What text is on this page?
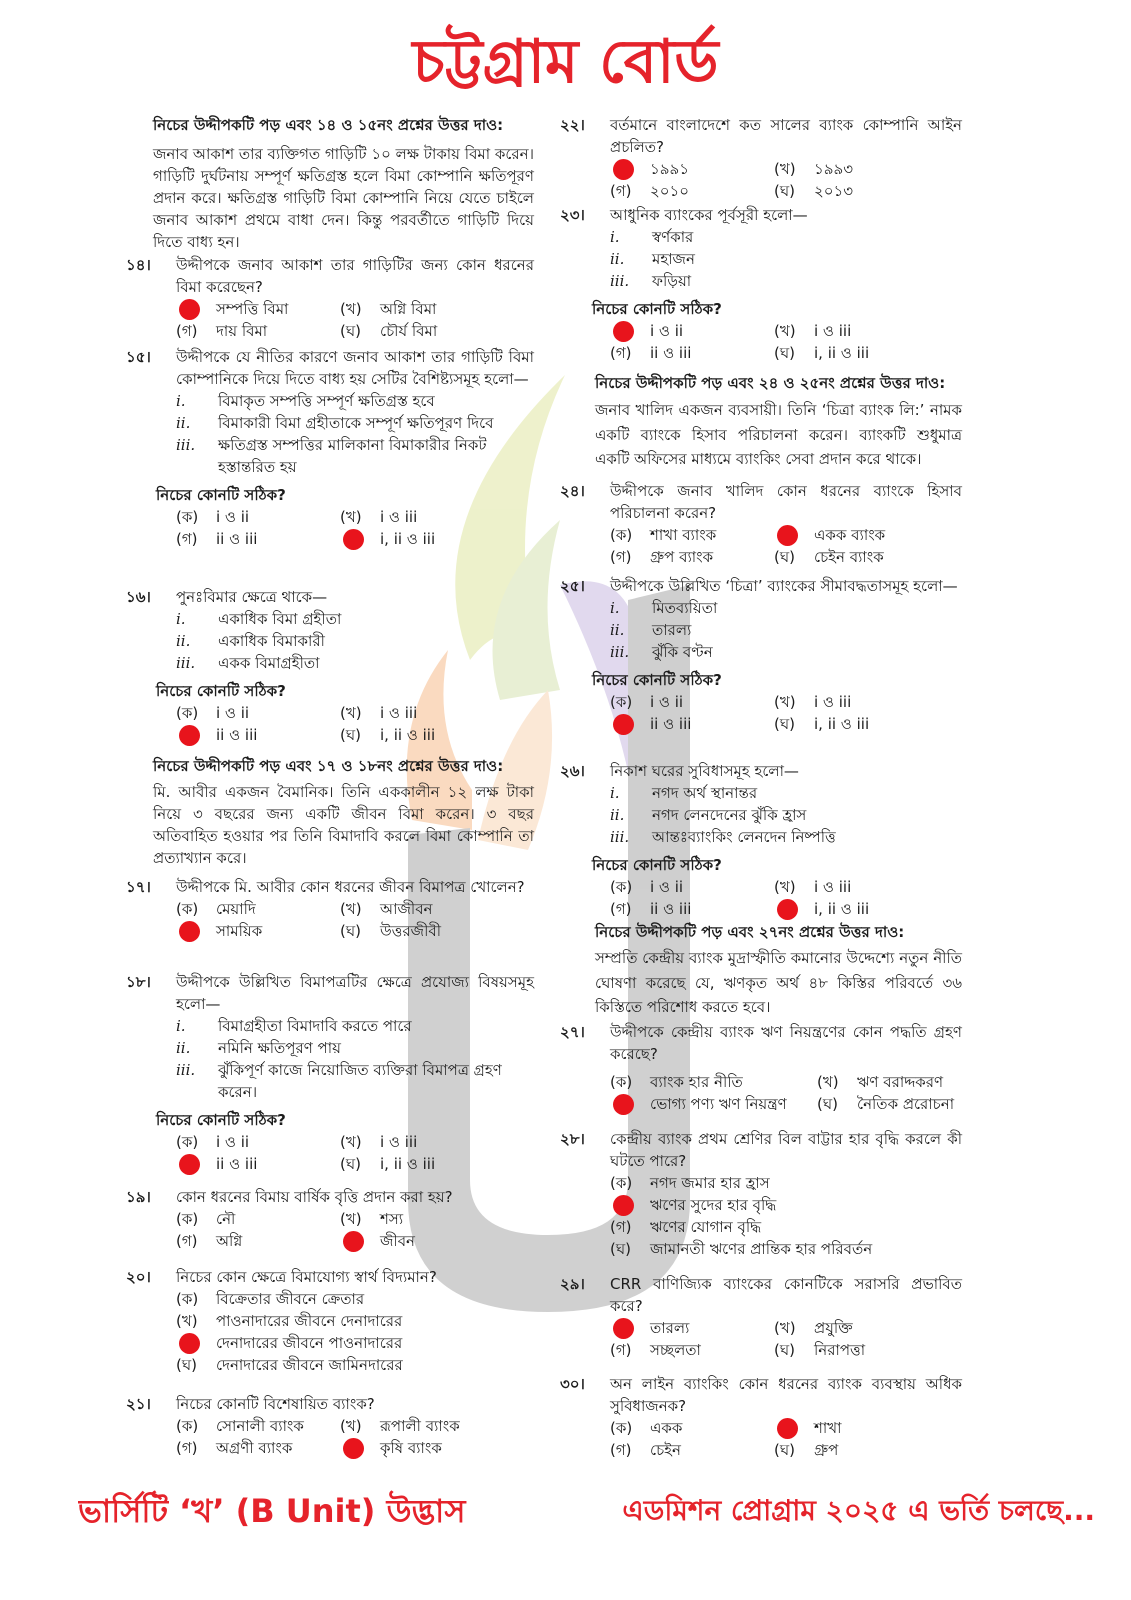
চট্টগ্রাম বোর্ড
নিচের উদ্দীপকটি পড় এবং ১৪ ও ১৫নং প্রশ্নের উত্তর দাও:
জনাব আকাশ তার ব্যক্তিগত গাড়িটি ১০ লক্ষ টাকায় বিমা করেন। গাড়িটি দুর্ঘটনায় সম্পূর্ণ ক্ষতিগ্রস্ত হলে বিমা কোম্পানি ক্ষতিপূরণ প্রদান করে। ক্ষতিগ্রস্ত গাড়িটি বিমা কোম্পানি নিয়ে যেতে চাইলে জনাব আকাশ প্রথমে বাধা দেন। কিন্তু পরবর্তীতে গাড়িটি দিয়ে দিতে বাধ্য হন।
১৪।	উদ্দীপকে জনাব আকাশ তার গাড়িটির জন্য কোন ধরনের বিমা করেছেন?
সম্পত্তি বিমা	(খ)	অগ্নি বিমা
(গ)	দায় বিমা	(ঘ)	চৌর্য বিমা
১৫।	উদ্দীপকে যে নীতির কারণে জনাব আকাশ তার গাড়িটি বিমা কোম্পানিকে দিয়ে দিতে বাধ্য হয় সেটির বৈশিষ্ট্যসমূহ হলো—
i.	বিমাকৃত সম্পত্তি সম্পূর্ণ ক্ষতিগ্রস্ত হবে
ii.	বিমাকারী বিমা গ্রহীতাকে সম্পূর্ণ ক্ষতিপূরণ দিবে
iii.	ক্ষতিগ্রস্ত সম্পত্তির মালিকানা বিমাকারীর নিকট হস্তান্তরিত হয়
নিচের কোনটি সঠিক?
(ক)	i ও ii	(খ)	i ও iii
(গ)	ii ও iii	i, ii ও iii
১৬।	পুনঃবিমার ক্ষেত্রে থাকে—
i.	একাধিক বিমা গ্রহীতা
ii.	একাধিক বিমাকারী
iii.	একক বিমাগ্রহীতা
নিচের কোনটি সঠিক?
(ক)	i ও ii	(খ)	i ও iii
ii ও iii	(ঘ)	i, ii ও iii
নিচের উদ্দীপকটি পড় এবং ১৭ ও ১৮নং প্রশ্নের উত্তর দাও:
মি. আবীর একজন বৈমানিক। তিনি এককালীন ১২ লক্ষ টাকা নিয়ে ৩ বছরের জন্য একটি জীবন বিমা করেন। ৩ বছর অতিবাহিত হওয়ার পর তিনি বিমাদাবি করলে বিমা কোম্পানি তা প্রত্যাখ্যান করে।
১৭।	উদ্দীপকে মি. আবীর কোন ধরনের জীবন বিমাপত্র খোলেন?
(ক)	মেয়াদি	(খ)	আজীবন
সাময়িক	(ঘ)	উত্তরজীবী
১৮।	উদ্দীপকে উল্লিখিত বিমাপত্রটির ক্ষেত্রে প্রযোজ্য বিষয়সমূহ হলো—
i.	বিমাগ্রহীতা বিমাদাবি করতে পারে
ii.	নমিনি ক্ষতিপূরণ পায়
iii.	ঝুঁকিপূর্ণ কাজে নিয়োজিত ব্যক্তিরা বিমাপত্র গ্রহণ করেন।
নিচের কোনটি সঠিক?
(ক)	i ও ii	(খ)	i ও iii
ii ও iii	(ঘ)	i, ii ও iii
১৯।	কোন ধরনের বিমায় বার্ষিক বৃত্তি প্রদান করা হয়?
(ক)	নৌ	(খ)	শস্য
(গ)	অগ্নি	জীবন
২০।	নিচের কোন ক্ষেত্রে বিমাযোগ্য স্বার্থ বিদ্যমান?
(ক)	বিক্রেতার জীবনে ক্রেতার
(খ)	পাওনাদারের জীবনে দেনাদারের
দেনাদারের জীবনে পাওনাদারের
(ঘ)	দেনাদারের জীবনে জামিনদারের
২১।	নিচের কোনটি বিশেষায়িত ব্যাংক?
(ক)	সোনালী ব্যাংক (খ)	রূপালী ব্যাংক
(গ)	অগ্রণী ব্যাংক	কৃষি ব্যাংক
২২।	বর্তমানে বাংলাদেশে কত সালের ব্যাংক কোম্পানি আইন প্রচলিত?
১৯৯১	(খ)	১৯৯৩
(গ)	২০১০	(ঘ)	২০১৩
২৩।	আধুনিক ব্যাংকের পূর্বসূরী হলো—
i.	স্বর্ণকার
ii.	মহাজন
iii.	ফড়িয়া
নিচের কোনটি সঠিক?
i ও ii	(খ)	i ও iii
(গ)	ii ও iii	(ঘ)	i, ii ও iii
নিচের উদ্দীপকটি পড় এবং ২৪ ও ২৫নং প্রশ্নের উত্তর দাও:
জনাব খালিদ একজন ব্যবসায়ী। তিনি ‘চিত্রা ব্যাংক লি:’ নামক একটি ব্যাংকে হিসাব পরিচালনা করেন। ব্যাংকটি শুধুমাত্র একটি অফিসের মাধ্যমে ব্যাংকিং সেবা প্রদান করে থাকে।
২৪।	উদ্দীপকে জনাব খালিদ কোন ধরনের ব্যাংকে হিসাব পরিচালনা করেন?
(ক)	শাখা ব্যাংক	একক ব্যাংক
(গ)	গ্রুপ ব্যাংক	(ঘ)	চেইন ব্যাংক
২৫।	উদ্দীপকে উল্লিখিত ‘চিত্রা’ ব্যাংকের সীমাবদ্ধতাসমূহ হলো—
i.	মিতব্যয়িতা
ii.	তারল্য
iii.	ঝুঁকি বণ্টন
নিচের কোনটি সঠিক?
(ক)	i ও ii	(খ)	i ও iii
ii ও iii	(ঘ)	i, ii ও iii
২৬।	নিকাশ ঘরের সুবিধাসমূহ হলো—
i.	নগদ অর্থ স্থানান্তর
ii.	নগদ লেনদেনের ঝুঁকি হ্রাস
iii.	আন্তঃব্যাংকিং লেনদেন নিষ্পত্তি
নিচের কোনটি সঠিক?
(ক)	i ও ii	(খ)	i ও iii
(গ)	ii ও iii	i, ii ও iii
নিচের উদ্দীপকটি পড় এবং ২৭নং প্রশ্নের উত্তর দাও:
সম্প্রতি কেন্দ্রীয় ব্যাংক মুদ্রাস্ফীতি কমানোর উদ্দেশ্যে নতুন নীতি ঘোষণা করেছে যে, ঋণকৃত অর্থ ৪৮ কিস্তির পরিবর্তে ৩৬ কিস্তিতে পরিশোধ করতে হবে।
২৭।	উদ্দীপকে কেন্দ্রীয় ব্যাংক ঋণ নিয়ন্ত্রণের কোন পদ্ধতি গ্রহণ করেছে?
(ক)	ব্যাংক হার নীতি	(খ)	ঋণ বরাদ্দকরণ
ভোগ্য পণ্য ঋণ নিয়ন্ত্রণ (ঘ)	নৈতিক প্ররোচনা
২৮।	কেন্দ্রীয় ব্যাংক প্রথম শ্রেণির বিল বাট্টার হার বৃদ্ধি করলে কী ঘটতে পারে?
(ক)	নগদ জমার হার হ্রাস
ঋণের সুদের হার বৃদ্ধি
(গ)	ঋণের যোগান বৃদ্ধি
(ঘ)	জামানতী ঋণের প্রান্তিক হার পরিবর্তন
২৯।	CRR বাণিজ্যিক ব্যাংকের কোনটিকে সরাসরি প্রভাবিত করে?
তারল্য	(খ)	প্রযুক্তি
(গ)	সচ্ছলতা	(ঘ)	নিরাপত্তা
৩০।	অন লাইন ব্যাংকিং কোন ধরনের ব্যাংক ব্যবস্থায় অধিক সুবিধাজনক?
(ক)	একক	শাখা
(গ)	চেইন	(ঘ)	গ্রুপ
ভার্সিটি ‘খ’ (B Unit) উদ্ভাস	এডমিশন প্রোগ্রাম ২০২৫ এ ভর্তি চলছে...
